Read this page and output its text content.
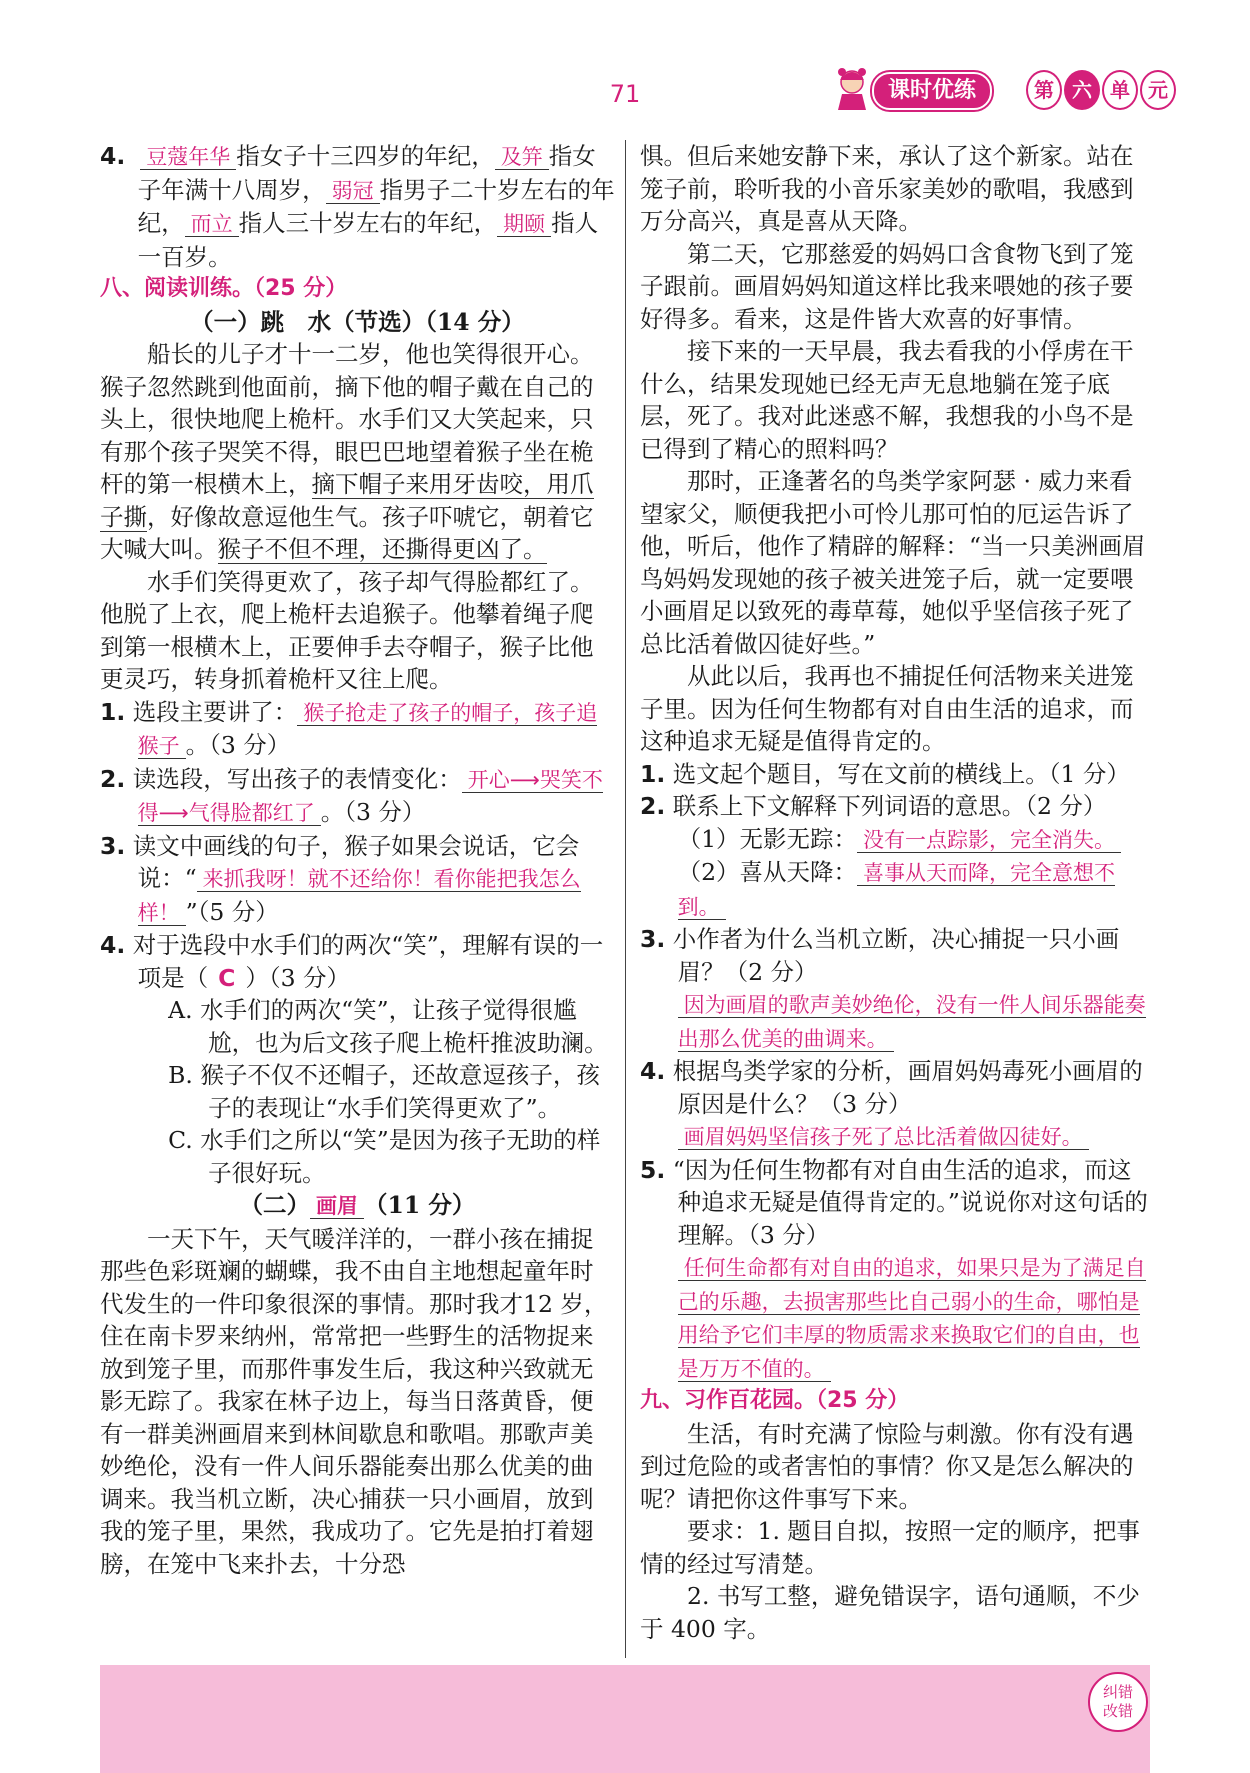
71	课时优练	第 六 单 元

4. 豆蔻年华 指女子十三四岁的年纪， 及笄 指女子年满十八周岁， 弱冠 指男子二十岁左右的年纪， 而立 指人三十岁左右的年纪， 期颐 指人一百岁。

八、阅读训练。（25 分）

（一）跳　水（节选）（14 分）

船长的儿子才十一二岁，他也笑得很开心。猴子忽然跳到他面前，摘下他的帽子戴在自己的头上，很快地爬上桅杆。水手们又大笑起来，只有那个孩子哭笑不得，眼巴巴地望着猴子坐在桅杆的第一根横木上，摘下帽子来用牙齿咬，用爪子撕，好像故意逗他生气。孩子吓唬它，朝着它大喊大叫。猴子不但不理，还撕得更凶了。

水手们笑得更欢了，孩子却气得脸都红了。他脱了上衣，爬上桅杆去追猴子。他攀着绳子爬到第一根横木上，正要伸手去夺帽子，猴子比他更灵巧，转身抓着桅杆又往上爬。

1. 选段主要讲了： 猴子抢走了孩子的帽子，孩子追猴子 。（3 分）

2. 读选段，写出孩子的表情变化： 开心⟶哭笑不得⟶气得脸都红了 。（3 分）

3. 读文中画线的句子，猴子如果会说话，它会说：“ 来抓我呀！就不还给你！看你能把我怎么样！ ”（5 分）

4. 对于选段中水手们的两次“笑”，理解有误的一项是（ C ）（3 分）

A. 水手们的两次“笑”，让孩子觉得很尴尬，也为后文孩子爬上桅杆推波助澜。

B. 猴子不仅不还帽子，还故意逗孩子，孩子的表现让“水手们笑得更欢了”。

C. 水手们之所以“笑”是因为孩子无助的样子很好玩。

（二） 画眉 （11 分）

一天下午，天气暖洋洋的，一群小孩在捕捉那些色彩斑斓的蝴蝶，我不由自主地想起童年时代发生的一件印象很深的事情。那时我才12 岁，住在南卡罗来纳州，常常把一些野生的活物捉来放到笼子里，而那件事发生后，我这种兴致就无影无踪了。我家在林子边上，每当日落黄昏，便有一群美洲画眉来到林间歇息和歌唱。那歌声美妙绝伦，没有一件人间乐器能奏出那么优美的曲调来。我当机立断，决心捕获一只小画眉，放到我的笼子里，果然，我成功了。它先是拍打着翅膀，在笼中飞来扑去，十分恐

惧。但后来她安静下来，承认了这个新家。站在笼子前，聆听我的小音乐家美妙的歌唱，我感到万分高兴，真是喜从天降。

第二天，它那慈爱的妈妈口含食物飞到了笼子跟前。画眉妈妈知道这样比我来喂她的孩子要好得多。看来，这是件皆大欢喜的好事情。

接下来的一天早晨，我去看我的小俘虏在干什么，结果发现她已经无声无息地躺在笼子底层，死了。我对此迷惑不解，我想我的小鸟不是已得到了精心的照料吗？

那时，正逢著名的鸟类学家阿瑟 · 威力来看望家父，顺便我把小可怜儿那可怕的厄运告诉了他，听后，他作了精辟的解释：“当一只美洲画眉鸟妈妈发现她的孩子被关进笼子后，就一定要喂小画眉足以致死的毒草莓，她似乎坚信孩子死了总比活着做囚徒好些。”

从此以后，我再也不捕捉任何活物来关进笼子里。因为任何生物都有对自由生活的追求，而这种追求无疑是值得肯定的。

1. 选文起个题目，写在文前的横线上。（1 分）

2. 联系上下文解释下列词语的意思。（2 分）

（1）无影无踪： 没有一点踪影，完全消失。

（2）喜从天降： 喜事从天而降，完全意想不到。

3. 小作者为什么当机立断，决心捕捉一只小画眉？（2 分）

因为画眉的歌声美妙绝伦，没有一件人间乐器能奏出那么优美的曲调来。

4. 根据鸟类学家的分析，画眉妈妈毒死小画眉的原因是什么？（3 分）

画眉妈妈坚信孩子死了总比活着做囚徒好。

5. “因为任何生物都有对自由生活的追求，而这种追求无疑是值得肯定的。”说说你对这句话的理解。（3 分）

任何生命都有对自由的追求，如果只是为了满足自己的乐趣，去损害那些比自己弱小的生命，哪怕是用给予它们丰厚的物质需求来换取它们的自由，也是万万不值的。

九、习作百花园。（25 分）

生活，有时充满了惊险与刺激。你有没有遇到过危险的或者害怕的事情？你又是怎么解决的呢？请把你这件事写下来。

要求：1. 题目自拟，按照一定的顺序，把事情的经过写清楚。

2. 书写工整，避免错误字，语句通顺，不少于 400 字。

纠错改错
